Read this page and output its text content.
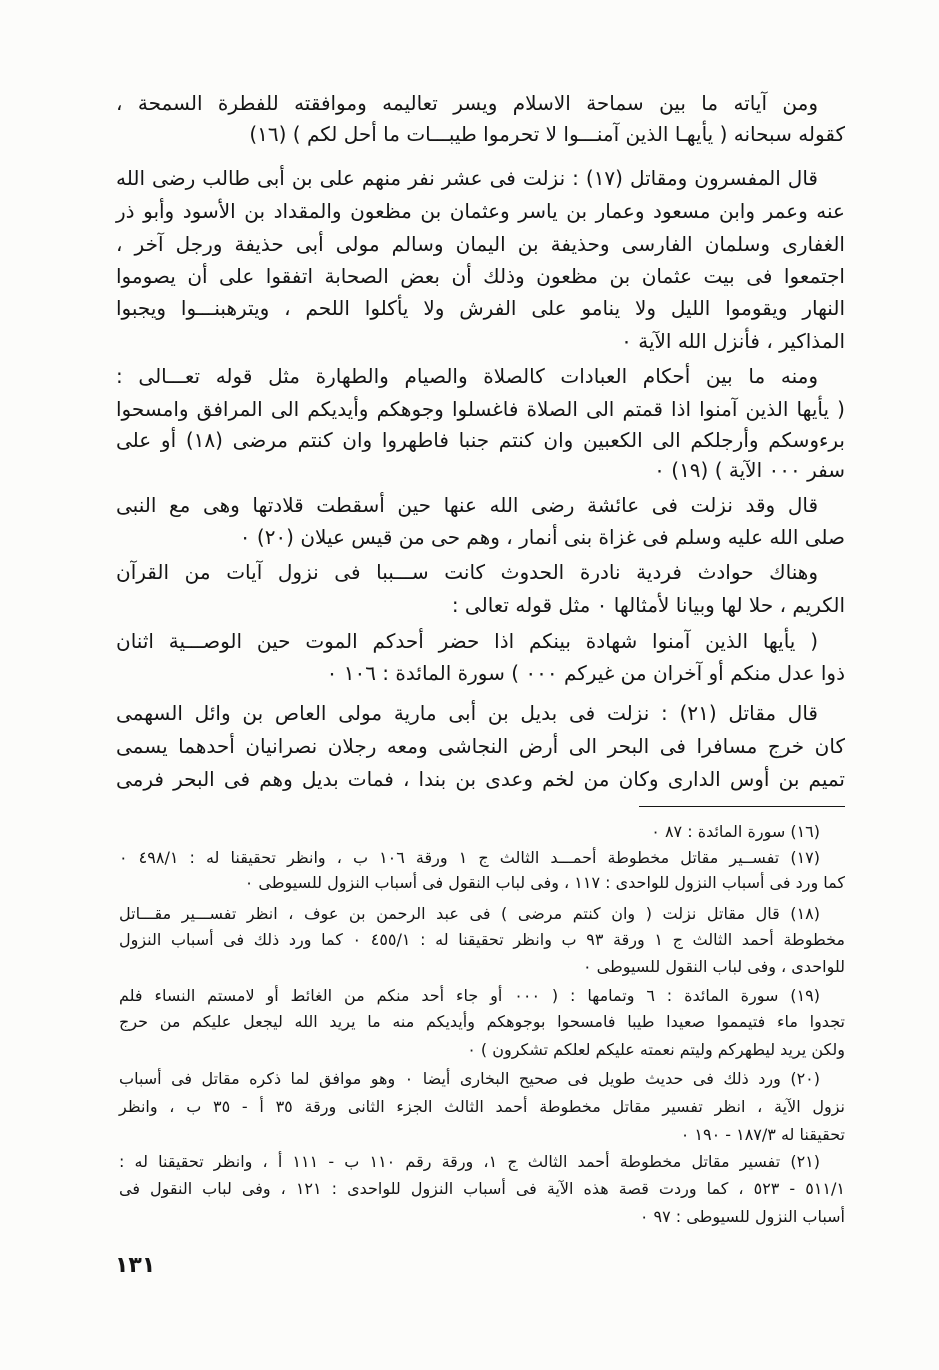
ومن آياته ما بين سماحة الاسلام ويسر تعاليمه وموافقته للفطرة السمحة ،
كقوله سبحانه ( يأيهـا الذين آمنـــوا لا تحرموا طيبـــات ما أحل لكم ) (١٦)
قال المفسرون ومقاتل (١٧) : نزلت فى عشر نفر منهم على بن أبى طالب رضى الله
عنه وعمر وابن مسعود وعمار بن ياسر وعثمان بن مظعون والمقداد بن الأسود وأبو ذر
الغفارى وسلمان الفارسى وحذيفة بن اليمان وسالم مولى أبى حذيفة ورجل آخر ،
اجتمعوا فى بيت عثمان بن مظعون وذلك أن بعض الصحابة اتفقوا على أن يصوموا
النهار ويقوموا الليل ولا ينامو على الفرش ولا يأكلوا اللحم ، ويترهبنـــوا ويجبوا
المذاكير ، فأنزل الله الآية ٠
ومنه ما بين أحكام العبادات كالصلاة والصيام والطهارة مثل قوله تعـــالى :
( يأيها الذين آمنوا اذا قمتم الى الصلاة فاغسلوا وجوهكم وأيديكم الى المرافق وامسحوا
برءوسكم وأرجلكم الى الكعبين وان كنتم جنبا فاطهروا وان كنتم مرضى (١٨) أو على
سفر ٠٠٠ الآية ) (١٩) ٠
قال وقد نزلت فى عائشة رضى الله عنها حين أسقطت قلادتها وهى مع النبى
صلى الله عليه وسلم فى غزاة بنى أنمار ، وهم حى من قيس عيلان (٢٠) ٠
وهناك حوادث فردية نادرة الحدوث كانت ســـببا فى نزول آيات من القرآن
الكريم ، حلا لها وبيانا لأمثالها ٠ مثل قوله تعالى :
( يأيها الذين آمنوا شهادة بينكم اذا حضر أحدكم الموت حين الوصـــية اثنان
ذوا عدل منكم أو آخران من غيركم ٠٠٠ ) سورة المائدة : ١٠٦ ٠
قال مقاتل (٢١) : نزلت فى بديل بن أبى مارية مولى العاص بن وائل السهمى
كان خرج مسافرا فى البحر الى أرض النجاشى ومعه رجلان نصرانيان أحدهما يسمى
تميم بن أوس الدارى وكان من لخم وعدى بن بندا ، فمات بديل وهم فى البحر فرمى
(١٦) سورة المائدة : ٨٧ ٠
(١٧) تفســير مقاتل مخطوطة أحمـــد الثالث ج ١ ورقة ١٠٦ ب ، وانظر تحقيقنا له : ٤٩٨/١ ٠
كما ورد فى أسباب النزول للواحدى : ١١٧ ، وفى لباب النقول فى أسباب النزول للسيوطى ٠
(١٨) قال مقاتل نزلت ( وان كنتم مرضى ) فى عبد الرحمن بن عوف ، انظر تفســـير مقـــاتل
مخطوطة أحمد الثالث ج ١ ورقة ٩٣ ب وانظر تحقيقنا له : ٤٥٥/١ ٠ كما ورد ذلك فى أسباب النزول
للواحدى ، وفى لباب النقول للسيوطى ٠
(١٩) سورة المائدة : ٦ وتمامها : ( ٠٠٠ أو جاء أحد منكم من الغائط أو لامستم النساء فلم
تجدوا ماء فتيمموا صعيدا طيبا فامسحوا بوجوهكم وأيديكم منه ما يريد الله ليجعل عليكم من حرج
ولكن يريد ليطهركم وليتم نعمته عليكم لعلكم تشكرون ) ٠
(٢٠) ورد ذلك فى حديث طويل فى صحيح البخارى أيضا ٠ وهو موافق لما ذكره مقاتل فى أسباب
نزول الآية ، انظر تفسير مقاتل مخطوطة أحمد الثالث الجزء الثانى ورقة ٣٥ أ - ٣٥ ب ، وانظر
تحقيقنا له ١٨٧/٣ - ١٩٠ ٠
(٢١) تفسير مقاتل مخطوطة أحمد الثالث ج ١، ورقة رقم ١١٠ ب - ١١١ أ ، وانظر تحقيقنا له :
٥١١/١ - ٥٢٣ ، كما وردت قصة هذه الآية فى أسباب النزول للواحدى : ١٢١ ، وفى لباب النقول فى
أسباب النزول للسيوطى : ٩٧ ٠
١٣١
